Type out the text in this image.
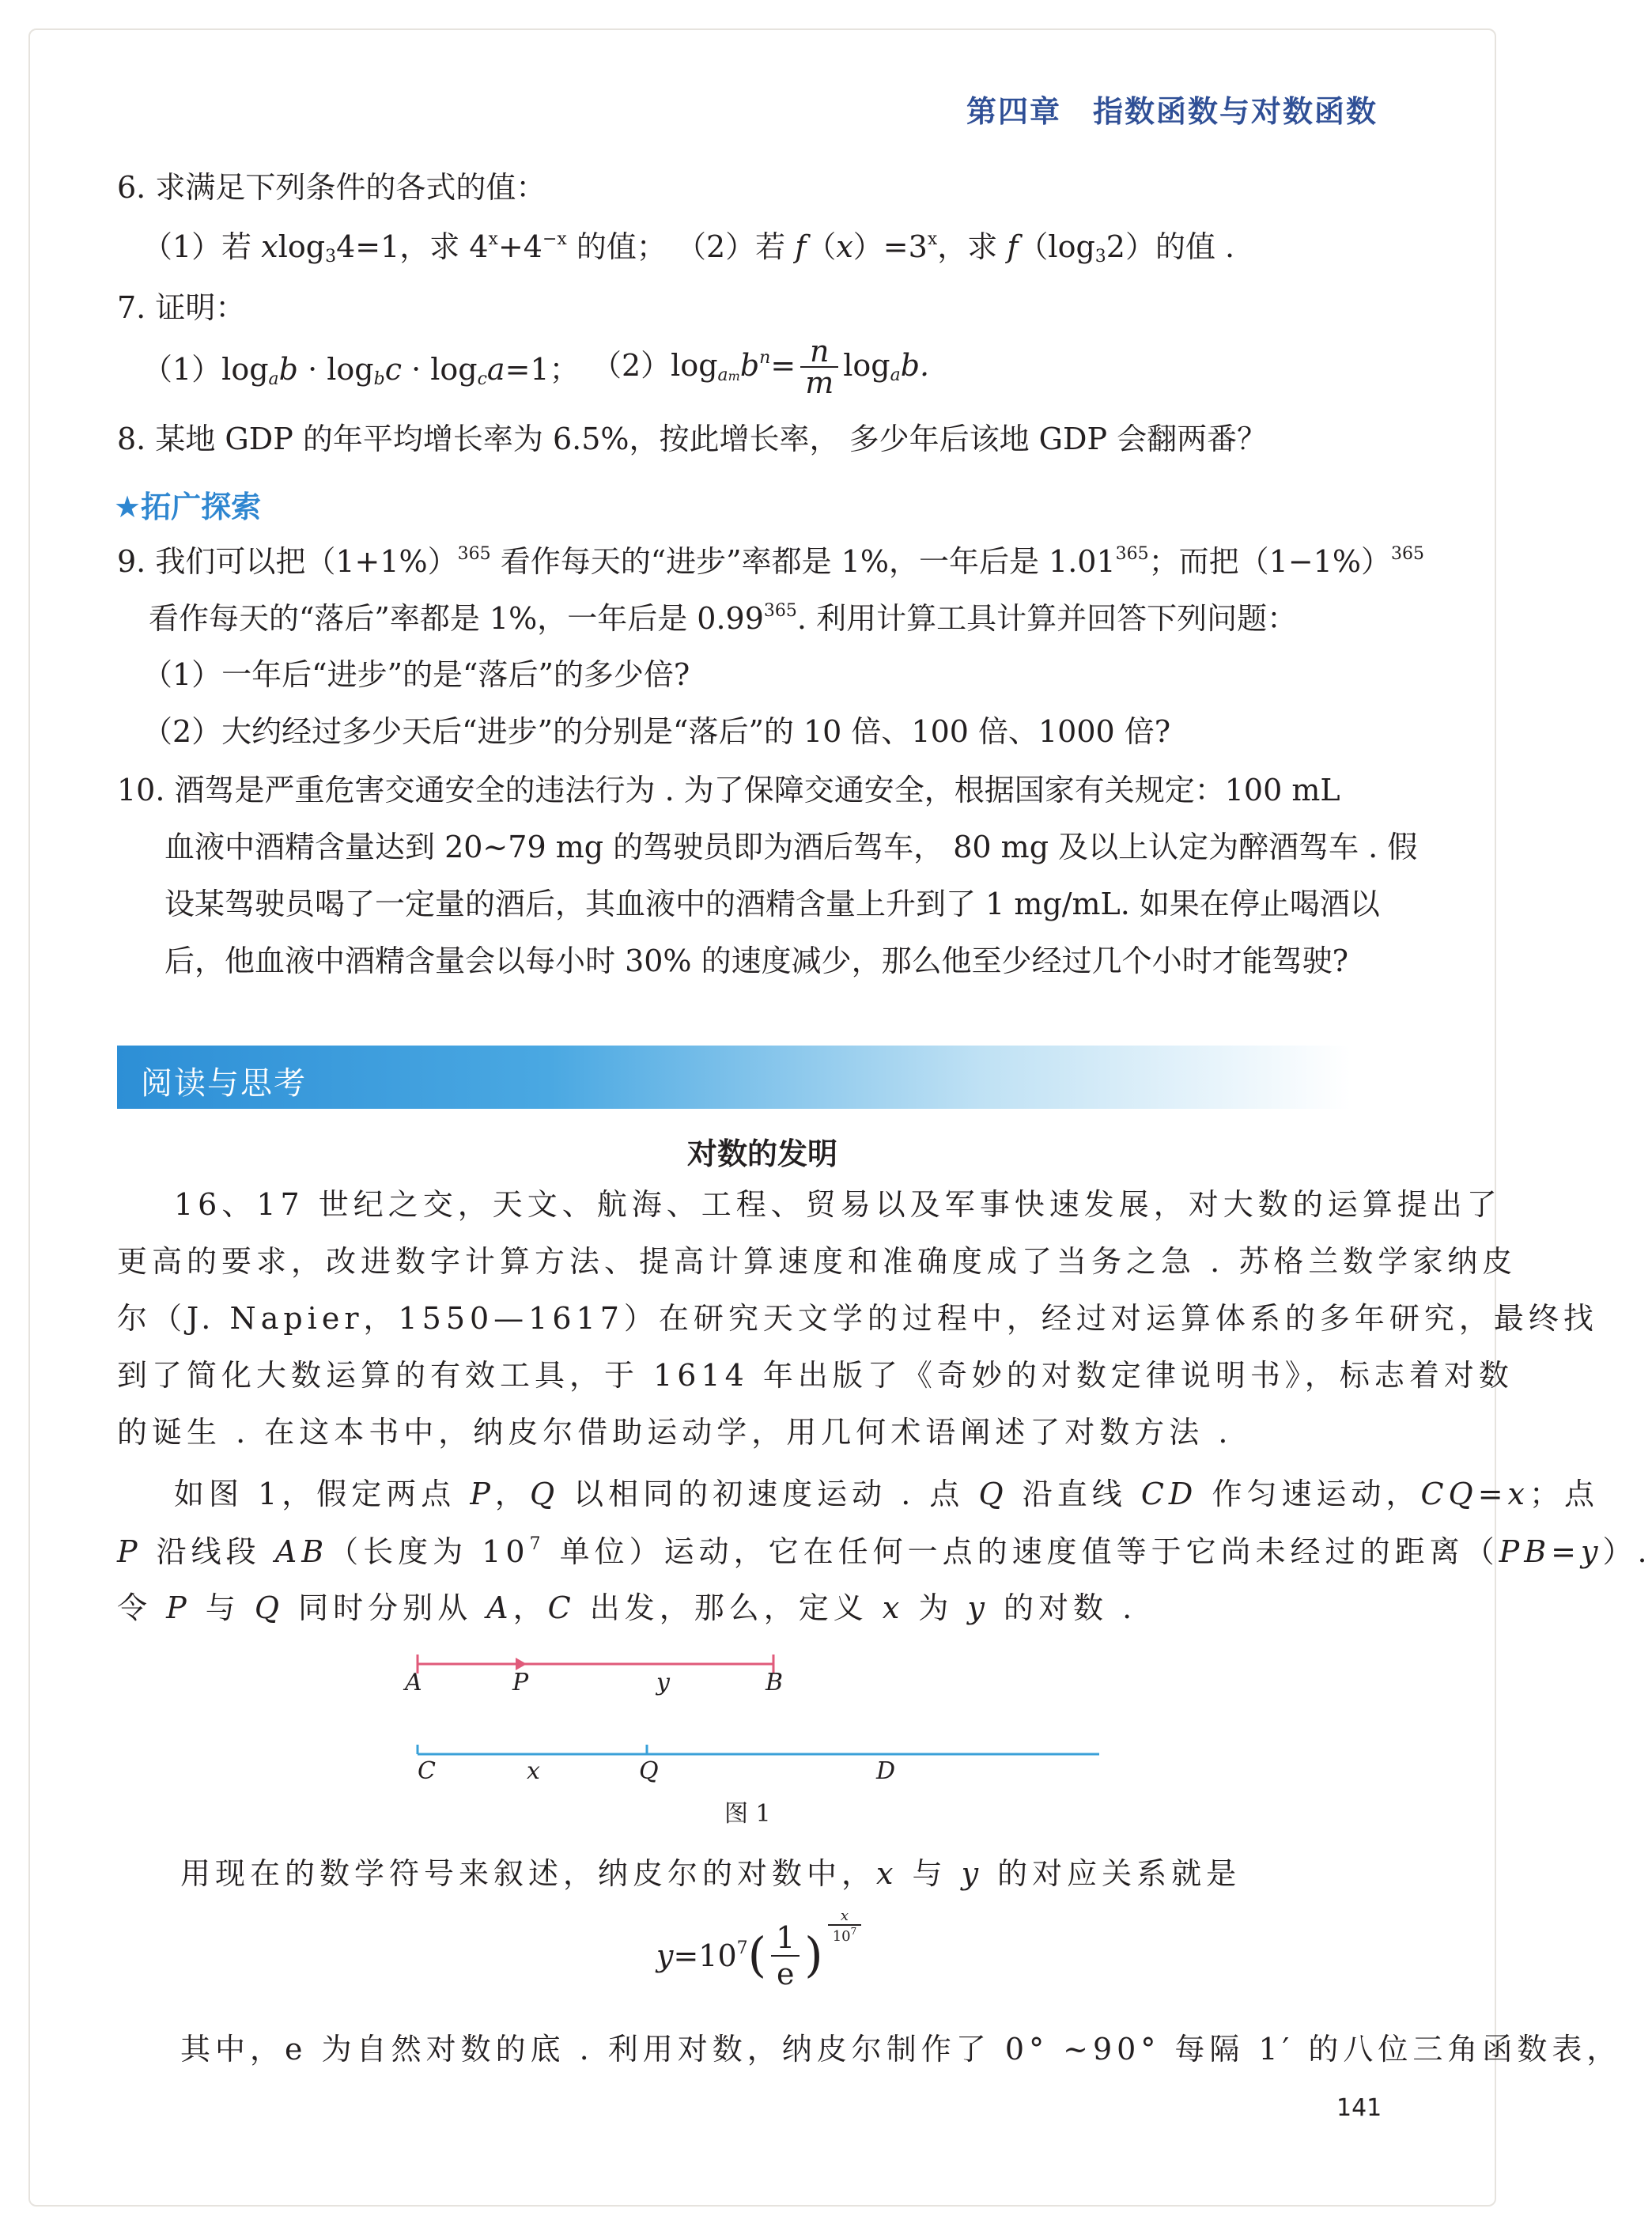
第四章 指数函数与对数函数
6. 求满足下列条件的各式的值：
（1）若 xlog$_3$4=1，求 $4^x+4^{-x}$ 的值； （2）若 $f(x)=3^x$，求 $f(\log_32)$的值 .
7. 证明：
$(1)\log_ab \cdot \log_bc \cdot \log_ca=1$； $(2)\log_{am}b^n= \frac{n}{m} \log_ab$.
8. 某地 GDP 的年平均增长率为 6.5%，按此增长率， 多少年后该地 GDP 会翻两番？
★拓广探索
9. 我们可以把$(1+1\%)^{365}$ 看作每天的“进步”率都是 1%，一年后是 1.01$^{365}$；而把$(1-1\%)^{365}$
看作每天的“落后”率都是 1%，一年后是 0.99$^{365}$. 利用计算工具计算并回答下列问题：
（1）一年后“进步”的是“落后”的多少倍?
（2）大约经过多少天后“进步”的分别是“落后”的 10 倍、100 倍、1000 倍?
10. 酒驾是严重危害交通安全的违法行为 . 为了保障交通安全，根据国家有关规定：100 mL
血液中酒精含量达到 20~79 mg 的驾驶员即为酒后驾车， 80 mg 及以上认定为醉酒驾车 . 假
设某驾驶员喝了一定量的酒后，其血液中的酒精含量上升到了 1 mg/mL. 如果在停止喝酒以
后，他血液中酒精含量会以每小时 30% 的速度减少，那么他至少经过几个小时才能驾驶?
阅读与思考
对数的发明
16、17 世纪之交，天文、航海、工程、贸易以及军事快速发展，对大数的运算提出了
更高的要求，改进数字计算方法、提高计算速度和准确度成了当务之急 . 苏格兰数学家纳皮
尔（J. Napier，1550—1617）在研究天文学的过程中，经过对运算体系的多年研究，最终找
到了简化大数运算的有效工具，于 1614 年出版了《奇妙的对数定律说明书》，标志着对数
的诞生 . 在这本书中，纳皮尔借助运动学，用几何术语阐述了对数方法 .
如图 1，假定两点 P，Q 以相同的初速度运动 . 点 Q 沿直线 CD 作匀速运动，CQ=x；点
P 沿线段 AB（长度为 $10^7$ 单位）运动，它在任何一点的速度值等于它尚未经过的距离（PB=y）.
令 P 与 Q 同时分别从 A，C 出发，那么，定义 x 为 y 的对数 .
A	P	y	B
C	x	Q	D
图 1
用现在的数学符号来叙述，纳皮尔的对数中，x 与 y 的对应关系就是
$y=10^7( \frac{1}{e}$ )
$\frac{x}{10^7}$
其中，e 为自然对数的底 . 利用对数，纳皮尔制作了 0° ~90° 每隔 1′ 的八位三角函数表，
141
